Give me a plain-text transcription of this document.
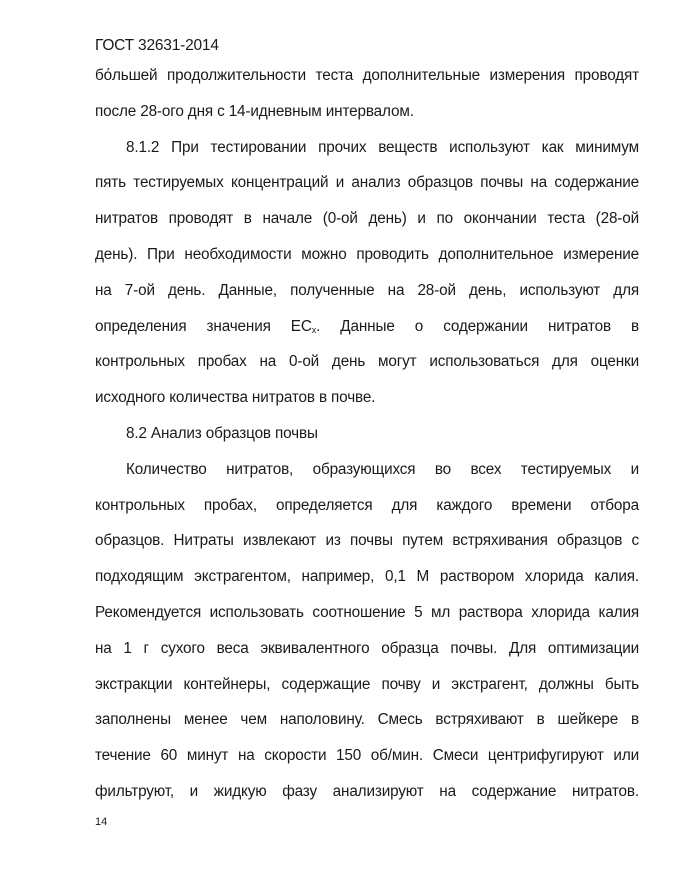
ГОСТ 32631-2014
бόльшей продолжительности теста дополнительные измерения проводят
после 28-ого дня с 14-идневным интервалом.
8.1.2 При тестировании прочих веществ используют как минимум
пять тестируемых концентраций и анализ образцов почвы на содержание
нитратов проводят в начале (0-ой день) и по окончании теста (28-ой
день). При необходимости можно проводить дополнительное измерение
на 7-ой день. Данные, полученные на 28-ой день, используют для
определения значения $EC_x$. Данные о содержании нитратов в
контрольных пробах на 0-ой день могут использоваться для оценки
исходного количества нитратов в почве.
8.2 Анализ образцов почвы
Количество нитратов, образующихся во всех тестируемых и
контрольных пробах, определяется для каждого времени отбора
образцов. Нитраты извлекают из почвы путем встряхивания образцов с
подходящим экстрагентом, например, 0,1 М раствором хлорида калия.
Рекомендуется использовать соотношение 5 мл раствора хлорида калия
на 1 г сухого веса эквивалентного образца почвы. Для оптимизации
экстракции контейнеры, содержащие почву и экстрагент, должны быть
заполнены менее чем наполовину. Смесь встряхивают в шейкере в
течение 60 минут на скорости 150 об/мин. Смеси центрифугируют или
фильтруют, и жидкую фазу анализируют на содержание нитратов.
14
